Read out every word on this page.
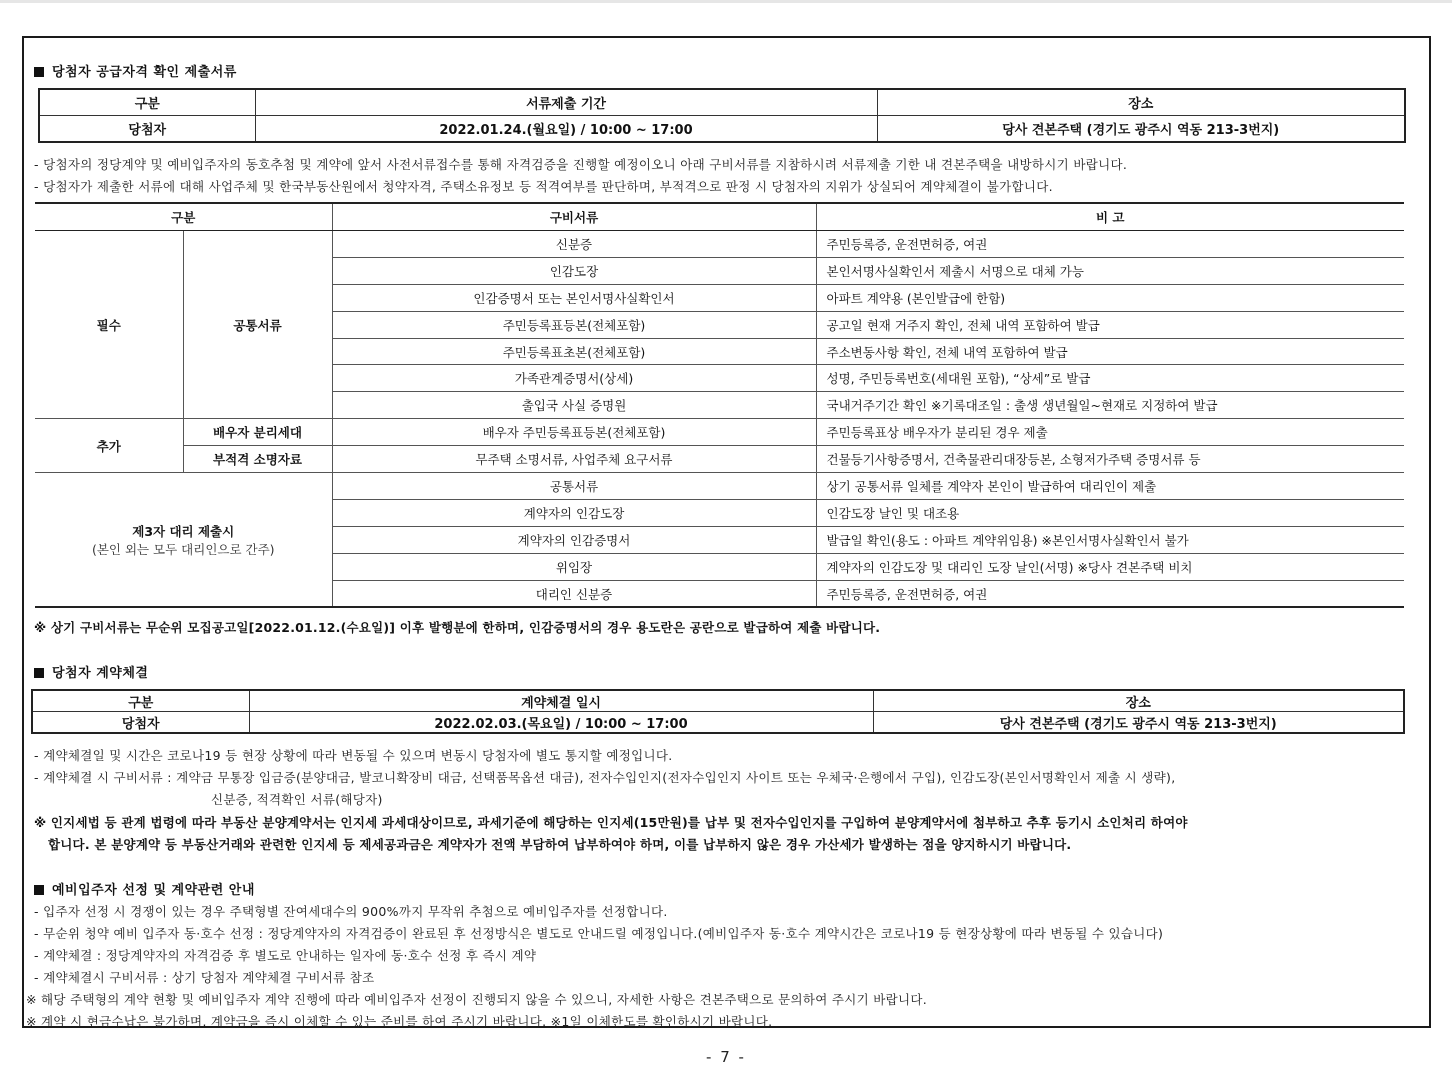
당첨자 공급자격 확인 제출서류
구분	서류제출 기간	장소
당첨자	2022.01.24.(월요일) / 10:00 ~ 17:00	당사 견본주택 (경기도 광주시 역동 213-3번지)
- 당첨자의 정당계약 및 예비입주자의 동호추첨 및 계약에 앞서 사전서류접수를 통해 자격검증을 진행할 예정이오니 아래 구비서류를 지참하시려 서류제출 기한 내 견본주택을 내방하시기 바랍니다.
- 당첨자가 제출한 서류에 대해 사업주체 및 한국부동산원에서 청약자격, 주택소유정보 등 적격여부를 판단하며, 부적격으로 판정 시 당첨자의 지위가 상실되어 계약체결이 불가합니다.
구분		구비서류	비 고
필수	공통서류	신분증	주민등록증, 운전면허증, 여권
		인감도장	본인서명사실확인서 제출시 서명으로 대체 가능
		인감증명서 또는 본인서명사실확인서	아파트 계약용 (본인발급에 한함)
		주민등록표등본(전체포함)	공고일 현재 거주지 확인, 전체 내역 포함하여 발급
		주민등록표초본(전체포함)	주소변동사항 확인, 전체 내역 포함하여 발급
		가족관계증명서(상세)	성명, 주민등록번호(세대원 포함), “상세”로 발급
		출입국 사실 증명원	국내거주기간 확인 ※기록대조일 : 출생 생년월일~현재로 지정하여 발급
추가	배우자 분리세대	배우자 주민등록표등본(전체포함)	주민등록표상 배우자가 분리된 경우 제출
	부적격 소명자료	무주택 소명서류, 사업주체 요구서류	건물등기사항증명서, 건축물관리대장등본, 소형저가주택 증명서류 등

제3자 대리 제출시
(본인 외는 모두 대리인으로 간주)		공통서류	상기 공통서류 일체를 계약자 본인이 발급하여 대리인이 제출
		계약자의 인감도장	인감도장 날인 및 대조용
		계약자의 인감증명서	발급일 확인(용도 : 아파트 계약위임용) ※본인서명사실확인서 불가
		위임장	계약자의 인감도장 및 대리인 도장 날인(서명) ※당사 견본주택 비치
		대리인 신분증	주민등록증, 운전면허증, 여권
※ 상기 구비서류는 무순위 모집공고일[2022.01.12.(수요일)] 이후 발행분에 한하며, 인감증명서의 경우 용도란은 공란으로 발급하여 제출 바랍니다.
당첨자 계약체결
구분	계약체결 일시	장소
당첨자	2022.02.03.(목요일) / 10:00 ~ 17:00	당사 견본주택 (경기도 광주시 역동 213-3번지)
- 계약체결일 및 시간은 코로나19 등 현장 상황에 따라 변동될 수 있으며 변동시 당첨자에 별도 통지할 예정입니다.
- 계약체결 시 구비서류 : 계약금 무통장 입금증(분양대금, 발코니확장비 대금, 선택품목옵션 대금), 전자수입인지(전자수입인지 사이트 또는 우체국·은행에서 구입), 인감도장(본인서명확인서 제출 시 생략),
신분증, 적격확인 서류(해당자)
※ 인지세법 등 관계 법령에 따라 부동산 분양계약서는 인지세 과세대상이므로, 과세기준에 해당하는 인지세(15만원)를 납부 및 전자수입인지를 구입하여 분양계약서에 첨부하고 추후 등기시 소인처리 하여야
합니다. 본 분양계약 등 부동산거래와 관련한 인지세 등 제세공과금은 계약자가 전액 부담하여 납부하여야 하며, 이를 납부하지 않은 경우 가산세가 발생하는 점을 양지하시기 바랍니다.
예비입주자 선정 및 계약관련 안내
- 입주자 선정 시 경쟁이 있는 경우 주택형별 잔여세대수의 900%까지 무작위 추첨으로 예비입주자를 선정합니다.
- 무순위 청약 예비 입주자 동·호수 선정 : 정당계약자의 자격검증이 완료된 후 선정방식은 별도로 안내드릴 예정입니다.(예비입주자 동·호수 계약시간은 코로나19 등 현장상황에 따라 변동될 수 있습니다)
- 계약체결 : 정당계약자의 자격검증 후 별도로 안내하는 일자에 동·호수 선정 후 즉시 계약
- 계약체결시 구비서류 : 상기 당첨자 계약체결 구비서류 참조
※ 해당 주택형의 계약 현황 및 예비입주자 계약 진행에 따라 예비입주자 선정이 진행되지 않을 수 있으니, 자세한 사항은 견본주택으로 문의하여 주시기 바랍니다.
※ 계약 시 현금수납은 불가하며, 계약금을 즉시 이체할 수 있는 준비를 하여 주시기 바랍니다. ※1일 이체한도를 확인하시기 바랍니다.
- 7 -
